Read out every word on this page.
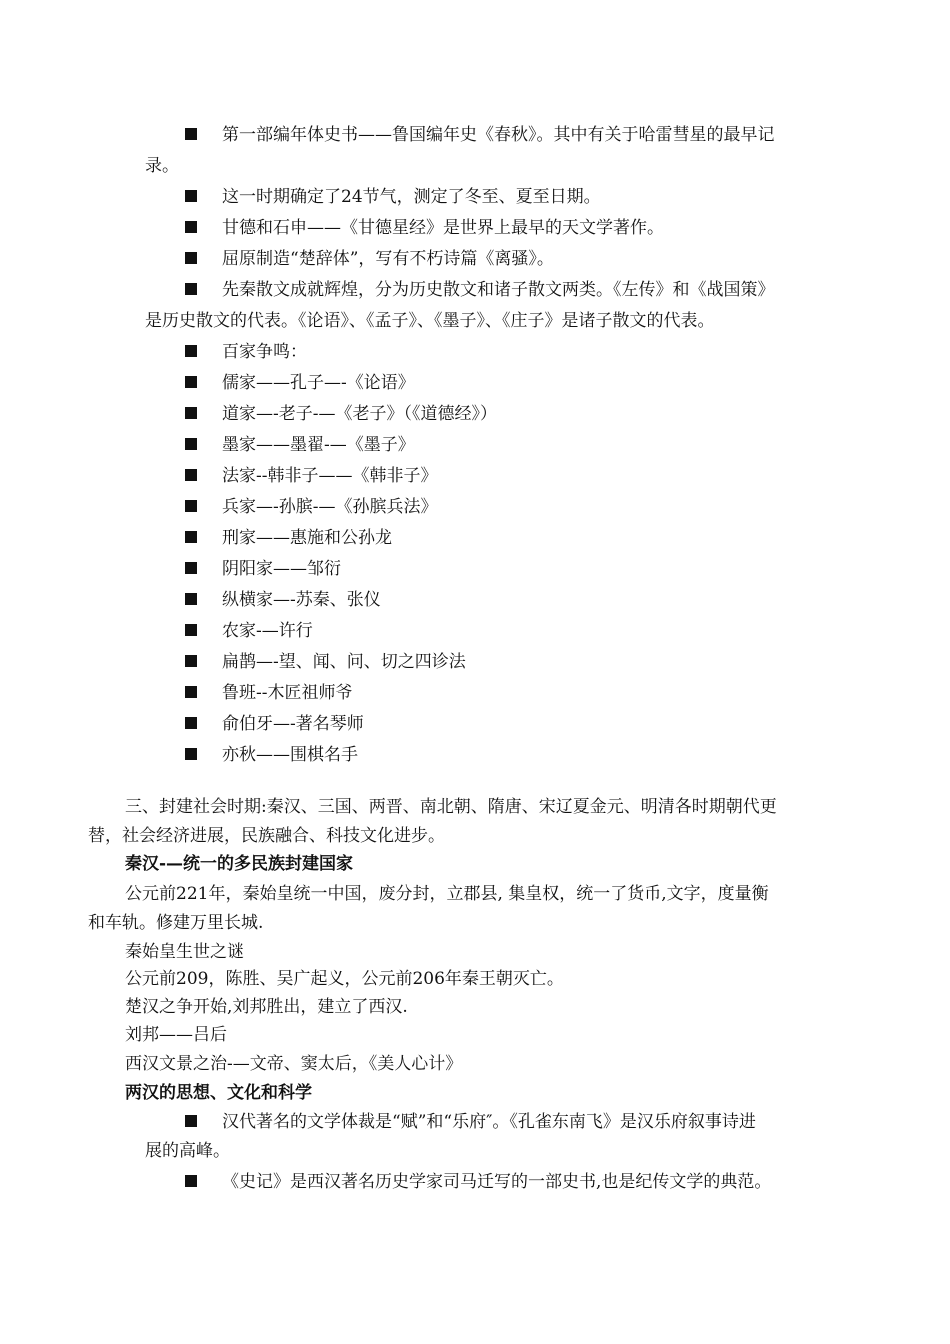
第一部编年体史书——鲁国编年史《春秋》。其中有关于哈雷彗星的最早记
录。
这一时期确定了24节气，测定了冬至、夏至日期。
甘德和石申——《甘德星经》是世界上最早的天文学著作。
屈原制造“楚辞体”，写有不朽诗篇《离骚》。
先秦散文成就辉煌，分为历史散文和诸子散文两类。《左传》和《战国策》
是历史散文的代表。《论语》、《孟子》、《墨子》、《庄子》是诸子散文的代表。
百家争鸣：
儒家——孔子—-《论语》
道家—-老子-—《老子》（《道德经》）
墨家——墨翟-—《墨子》
法家--韩非子——《韩非子》
兵家—-孙膑-—《孙膑兵法》
刑家——惠施和公孙龙
阴阳家——邹衍
纵横家—-苏秦、张仪
农家-—许行
扁鹊—-望、闻、问、切之四诊法
鲁班--木匠祖师爷
俞伯牙—-著名琴师
亦秋——围棋名手
三、封建社会时期:秦汉、三国、两晋、南北朝、隋唐、宋辽夏金元、明清各时期朝代更
替，社会经济进展，民族融合、科技文化进步。
秦汉-—统一的多民族封建国家
公元前221年，秦始皇统一中国，废分封，立郡县, 集皇权，统一了货币,文字，度量衡
和车轨。修建万里长城.
秦始皇生世之谜
公元前209，陈胜、吴广起义，公元前206年秦王朝灭亡。
楚汉之争开始,刘邦胜出，建立了西汉.
刘邦——吕后
西汉文景之治-—文帝、窦太后，《美人心计》
两汉的思想、文化和科学
汉代著名的文学体裁是“赋”和“乐府″。《孔雀东南飞》是汉乐府叙事诗进
展的高峰。
《史记》是西汉著名历史学家司马迁写的一部史书,也是纪传文学的典范。
